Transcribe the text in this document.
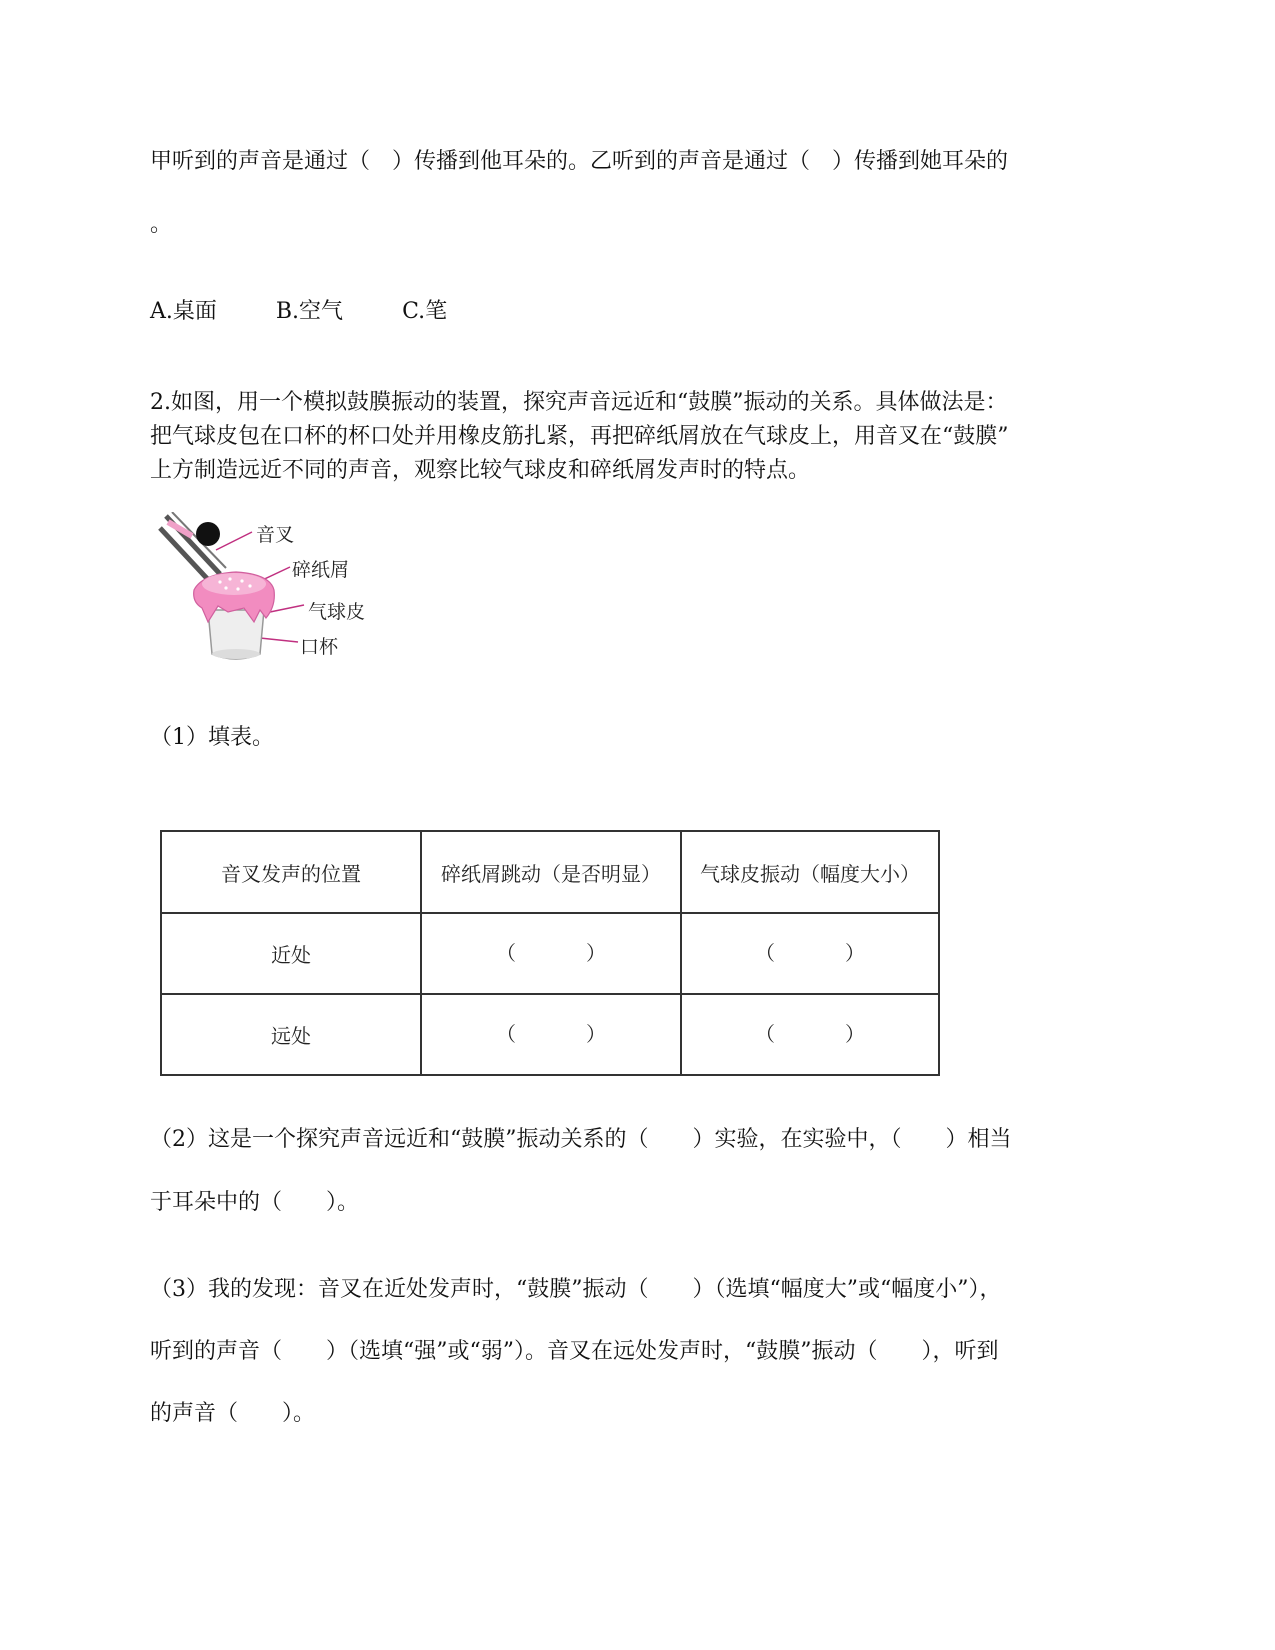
甲听到的声音是通过（　）传播到他耳朵的。乙听到的声音是通过（　）传播到她耳朵的
。
A.桌面	B.空气	C.笔

2.如图，用一个模拟鼓膜振动的装置，探究声音远近和“鼓膜”振动的关系。具体做法是：

把气球皮包在口杯的杯口处并用橡皮筋扎紧，再把碎纸屑放在气球皮上，用音叉在“鼓膜”

上方制造远近不同的声音，观察比较气球皮和碎纸屑发声时的特点。

音叉
碎纸屑
气球皮
口杯
（1）填表。
音叉发声的位置	碎纸屑跳动（是否明显）	气球皮振动（幅度大小）
近处	（ ）	（ ）

远处	（ ）	（ ）
（2）这是一个探究声音远近和“鼓膜”振动关系的（　　）实验，在实验中，（　　）相当
于耳朵中的（　　）。
（3）我的发现：音叉在近处发声时，“鼓膜”振动（　　）（选填“幅度大”或“幅度小”），
听到的声音（　　）（选填“强”或“弱”）。音叉在远处发声时，“鼓膜”振动（　　），听到
的声音（　　）。
